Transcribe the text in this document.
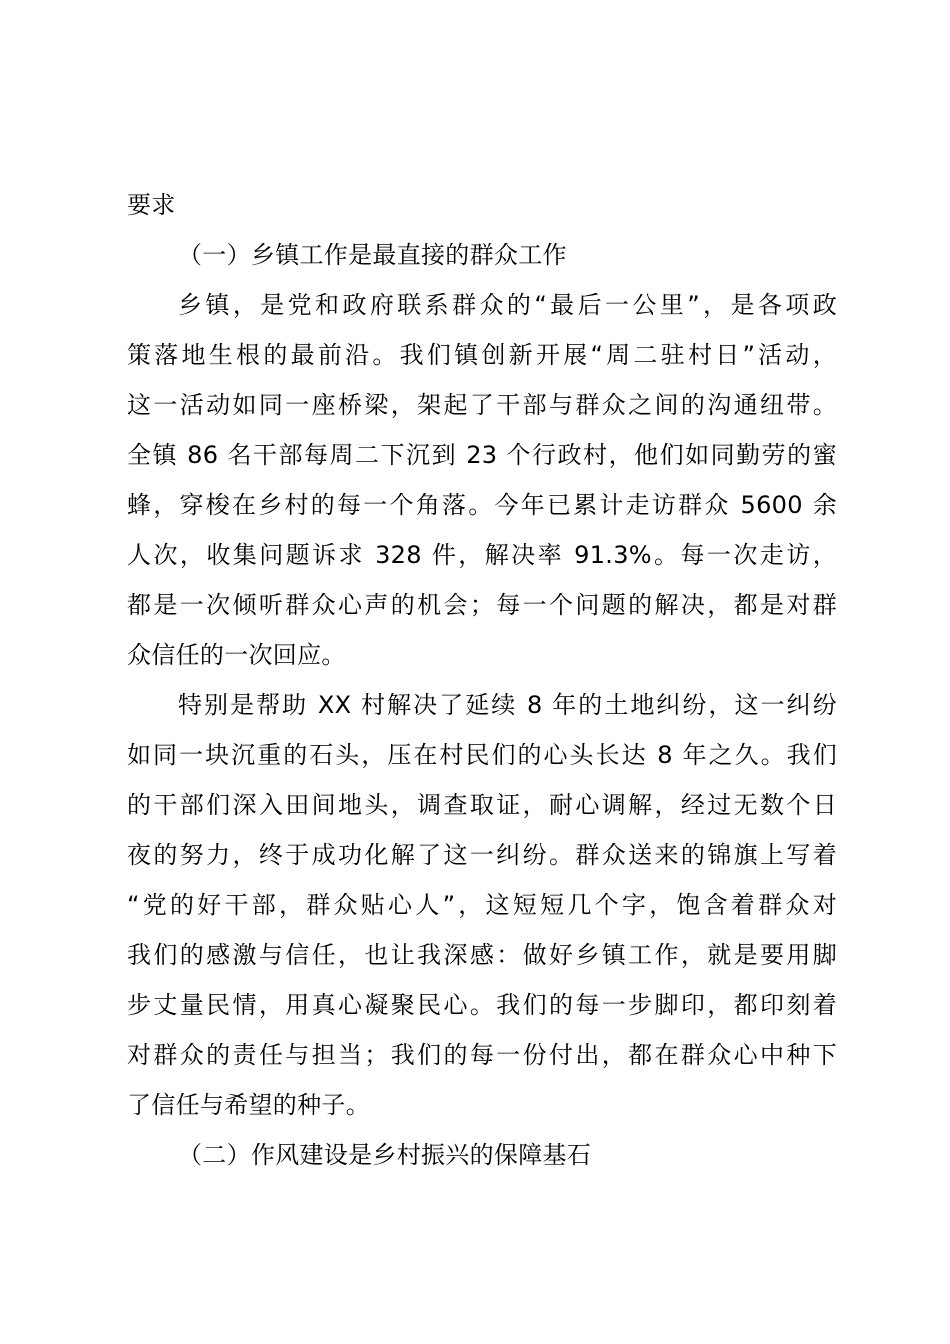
要求
（一）乡镇工作是最直接的群众工作
乡镇，是党和政府联系群众的“最后一公里”，是各项政
策落地生根的最前沿。我们镇创新开展“周二驻村日”活动，
这一活动如同一座桥梁，架起了干部与群众之间的沟通纽带。
全镇 86 名干部每周二下沉到 23 个行政村，他们如同勤劳的蜜
蜂，穿梭在乡村的每一个角落。今年已累计走访群众 5600 余
人次，收集问题诉求 328 件，解决率 91.3%。每一次走访，
都是一次倾听群众心声的机会；每一个问题的解决，都是对群
众信任的一次回应。
特别是帮助 XX 村解决了延续 8 年的土地纠纷，这一纠纷
如同一块沉重的石头，压在村民们的心头长达 8 年之久。我们
的干部们深入田间地头，调查取证，耐心调解，经过无数个日
夜的努力，终于成功化解了这一纠纷。群众送来的锦旗上写着
“党的好干部，群众贴心人”，这短短几个字，饱含着群众对
我们的感激与信任，也让我深感：做好乡镇工作，就是要用脚
步丈量民情，用真心凝聚民心。我们的每一步脚印，都印刻着
对群众的责任与担当；我们的每一份付出，都在群众心中种下
了信任与希望的种子。
（二）作风建设是乡村振兴的保障基石
